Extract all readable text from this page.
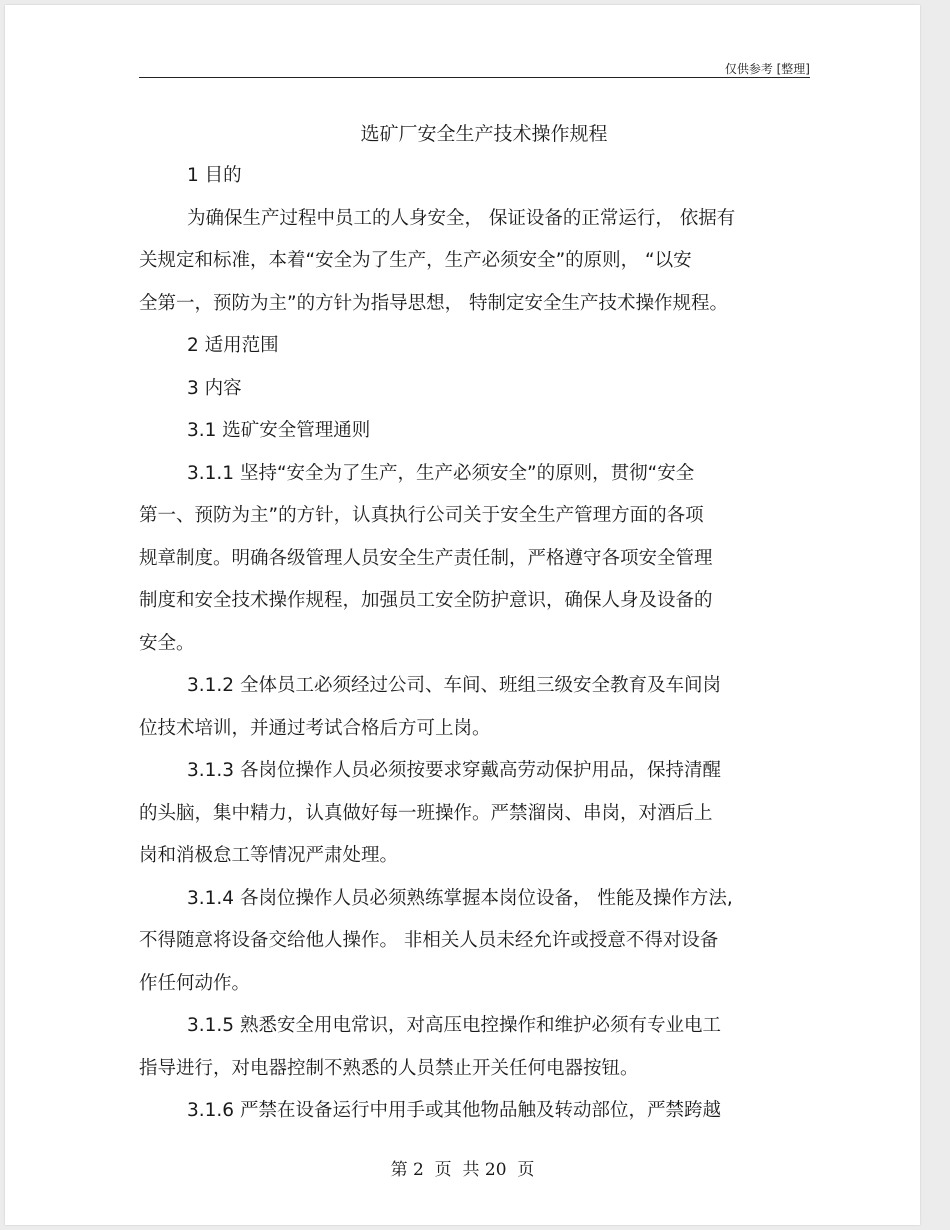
仅供参考 [整理]
选矿厂安全生产技术操作规程

1 目的

为确保生产过程中员工的人身安全， 保证设备的正常运行， 依据有

关规定和标准，本着“安全为了生产，生产必须安全”的原则， “以安

全第一，预防为主”的方针为指导思想， 特制定安全生产技术操作规程。

2 适用范围

3 内容

3.1 选矿安全管理通则

3.1.1 坚持“安全为了生产，生产必须安全”的原则，贯彻“安全

第一、预防为主”的方针，认真执行公司关于安全生产管理方面的各项

规章制度。明确各级管理人员安全生产责任制，严格遵守各项安全管理

制度和安全技术操作规程，加强员工安全防护意识，确保人身及设备的

安全。

3.1.2 全体员工必须经过公司、车间、班组三级安全教育及车间岗

位技术培训，并通过考试合格后方可上岗。

3.1.3 各岗位操作人员必须按要求穿戴高劳动保护用品，保持清醒

的头脑，集中精力，认真做好每一班操作。严禁溜岗、串岗，对酒后上

岗和消极怠工等情况严肃处理。

3.1.4 各岗位操作人员必须熟练掌握本岗位设备， 性能及操作方法,

不得随意将设备交给他人操作。 非相关人员未经允许或授意不得对设备

作任何动作。

3.1.5 熟悉安全用电常识，对高压电控操作和维护必须有专业电工

指导进行，对电器控制不熟悉的人员禁止开关任何电器按钮。

3.1.6 严禁在设备运行中用手或其他物品触及转动部位，严禁跨越

第 2  页  共 20  页
